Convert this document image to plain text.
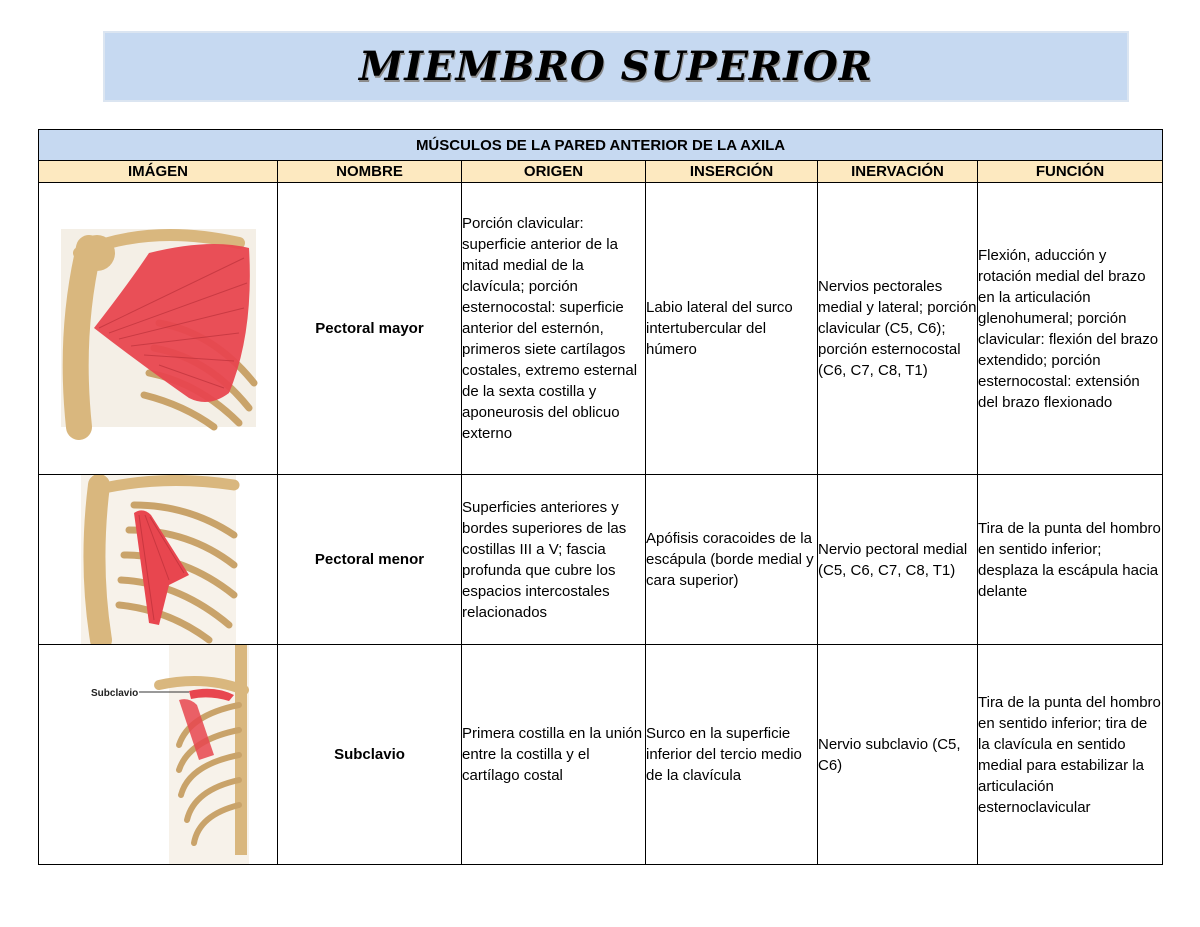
MIEMBRO SUPERIOR
MÚSCULOS DE LA PARED ANTERIOR DE LA AXILA					
IMÁGEN	NOMBRE	ORIGEN	INSERCIÓN	INERVACIÓN	FUNCIÓN

	Pectoral mayor	Porción clavicular: superficie anterior de la mitad medial de la clavícula; porción esternocostal: superficie anterior del esternón, primeros siete cartílagos costales, extremo esternal de la sexta costilla y aponeurosis del oblicuo externo	Labio lateral del surco intertubercular del húmero	Nervios pectorales medial y lateral; porción clavicular (C5, C6); porción esternocostal (C6, C7, C8, T1)	Flexión, aducción y rotación medial del brazo en la articulación glenohumeral; porción clavicular: flexión del brazo extendido; porción esternocostal: extensión del brazo flexionado

	Pectoral menor	Superficies anteriores y bordes superiores de las costillas III a V; fascia profunda que cubre los espacios intercostales relacionados	Apófisis coracoides de la escápula (borde medial y cara superior)	Nervio pectoral medial (C5, C6, C7, C8, T1)	Tira de la punta del hombro en sentido inferior; desplaza la escápula hacia delante

Subclavio	Subclavio	Primera costilla en la unión entre la costilla y el cartílago costal	Surco en la superficie inferior del tercio medio de la clavícula	Nervio subclavio (C5, C6)	Tira de la punta del hombro en sentido inferior; tira de la clavícula en sentido medial para estabilizar la articulación esternoclavicular
